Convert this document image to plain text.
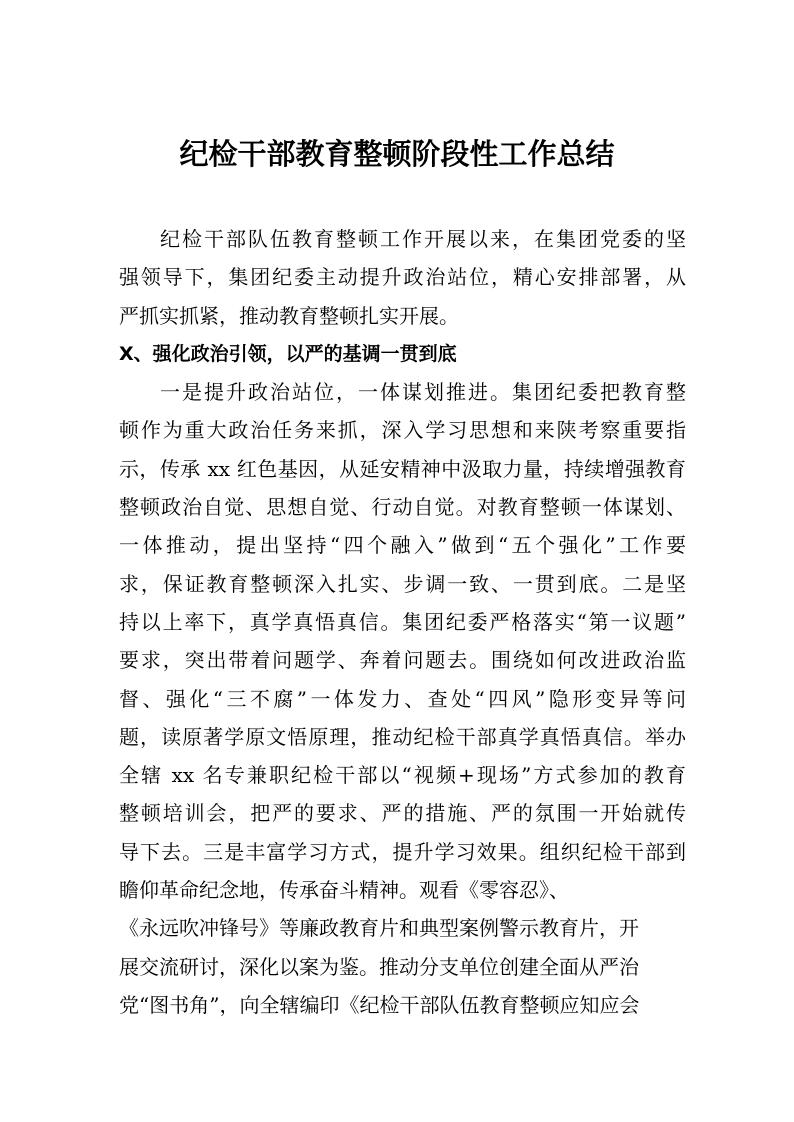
纪检干部教育整顿阶段性工作总结
纪检干部队伍教育整顿工作开展以来，在集团党委的坚
强领导下，集团纪委主动提升政治站位，精心安排部署，从
严抓实抓紧，推动教育整顿扎实开展。
X、强化政治引领，以严的基调一贯到底
一是提升政治站位，一体谋划推进。集团纪委把教育整
顿作为重大政治任务来抓，深入学习思想和来陕考察重要指
示，传承 xx 红色基因，从延安精神中汲取力量，持续增强教育
整顿政治自觉、思想自觉、行动自觉。对教育整顿一体谋划、
一体推动，提出坚持“四个融入”做到“五个强化”工作要
求，保证教育整顿深入扎实、步调一致、一贯到底。二是坚
持以上率下，真学真悟真信。集团纪委严格落实“第一议题”
要求，突出带着问题学、奔着问题去。围绕如何改进政治监
督、强化“三不腐”一体发力、查处“四风”隐形变异等问
题，读原著学原文悟原理，推动纪检干部真学真悟真信。举办
全辖 xx 名专兼职纪检干部以“视频+现场”方式参加的教育
整顿培训会，把严的要求、严的措施、严的氛围一开始就传
导下去。三是丰富学习方式，提升学习效果。组织纪检干部到
瞻仰革命纪念地，传承奋斗精神。观看《零容忍》、
《永远吹冲锋号》等廉政教育片和典型案例警示教育片，开
展交流研讨，深化以案为鉴。推动分支单位创建全面从严治
党“图书角”，向全辖编印《纪检干部队伍教育整顿应知应会
